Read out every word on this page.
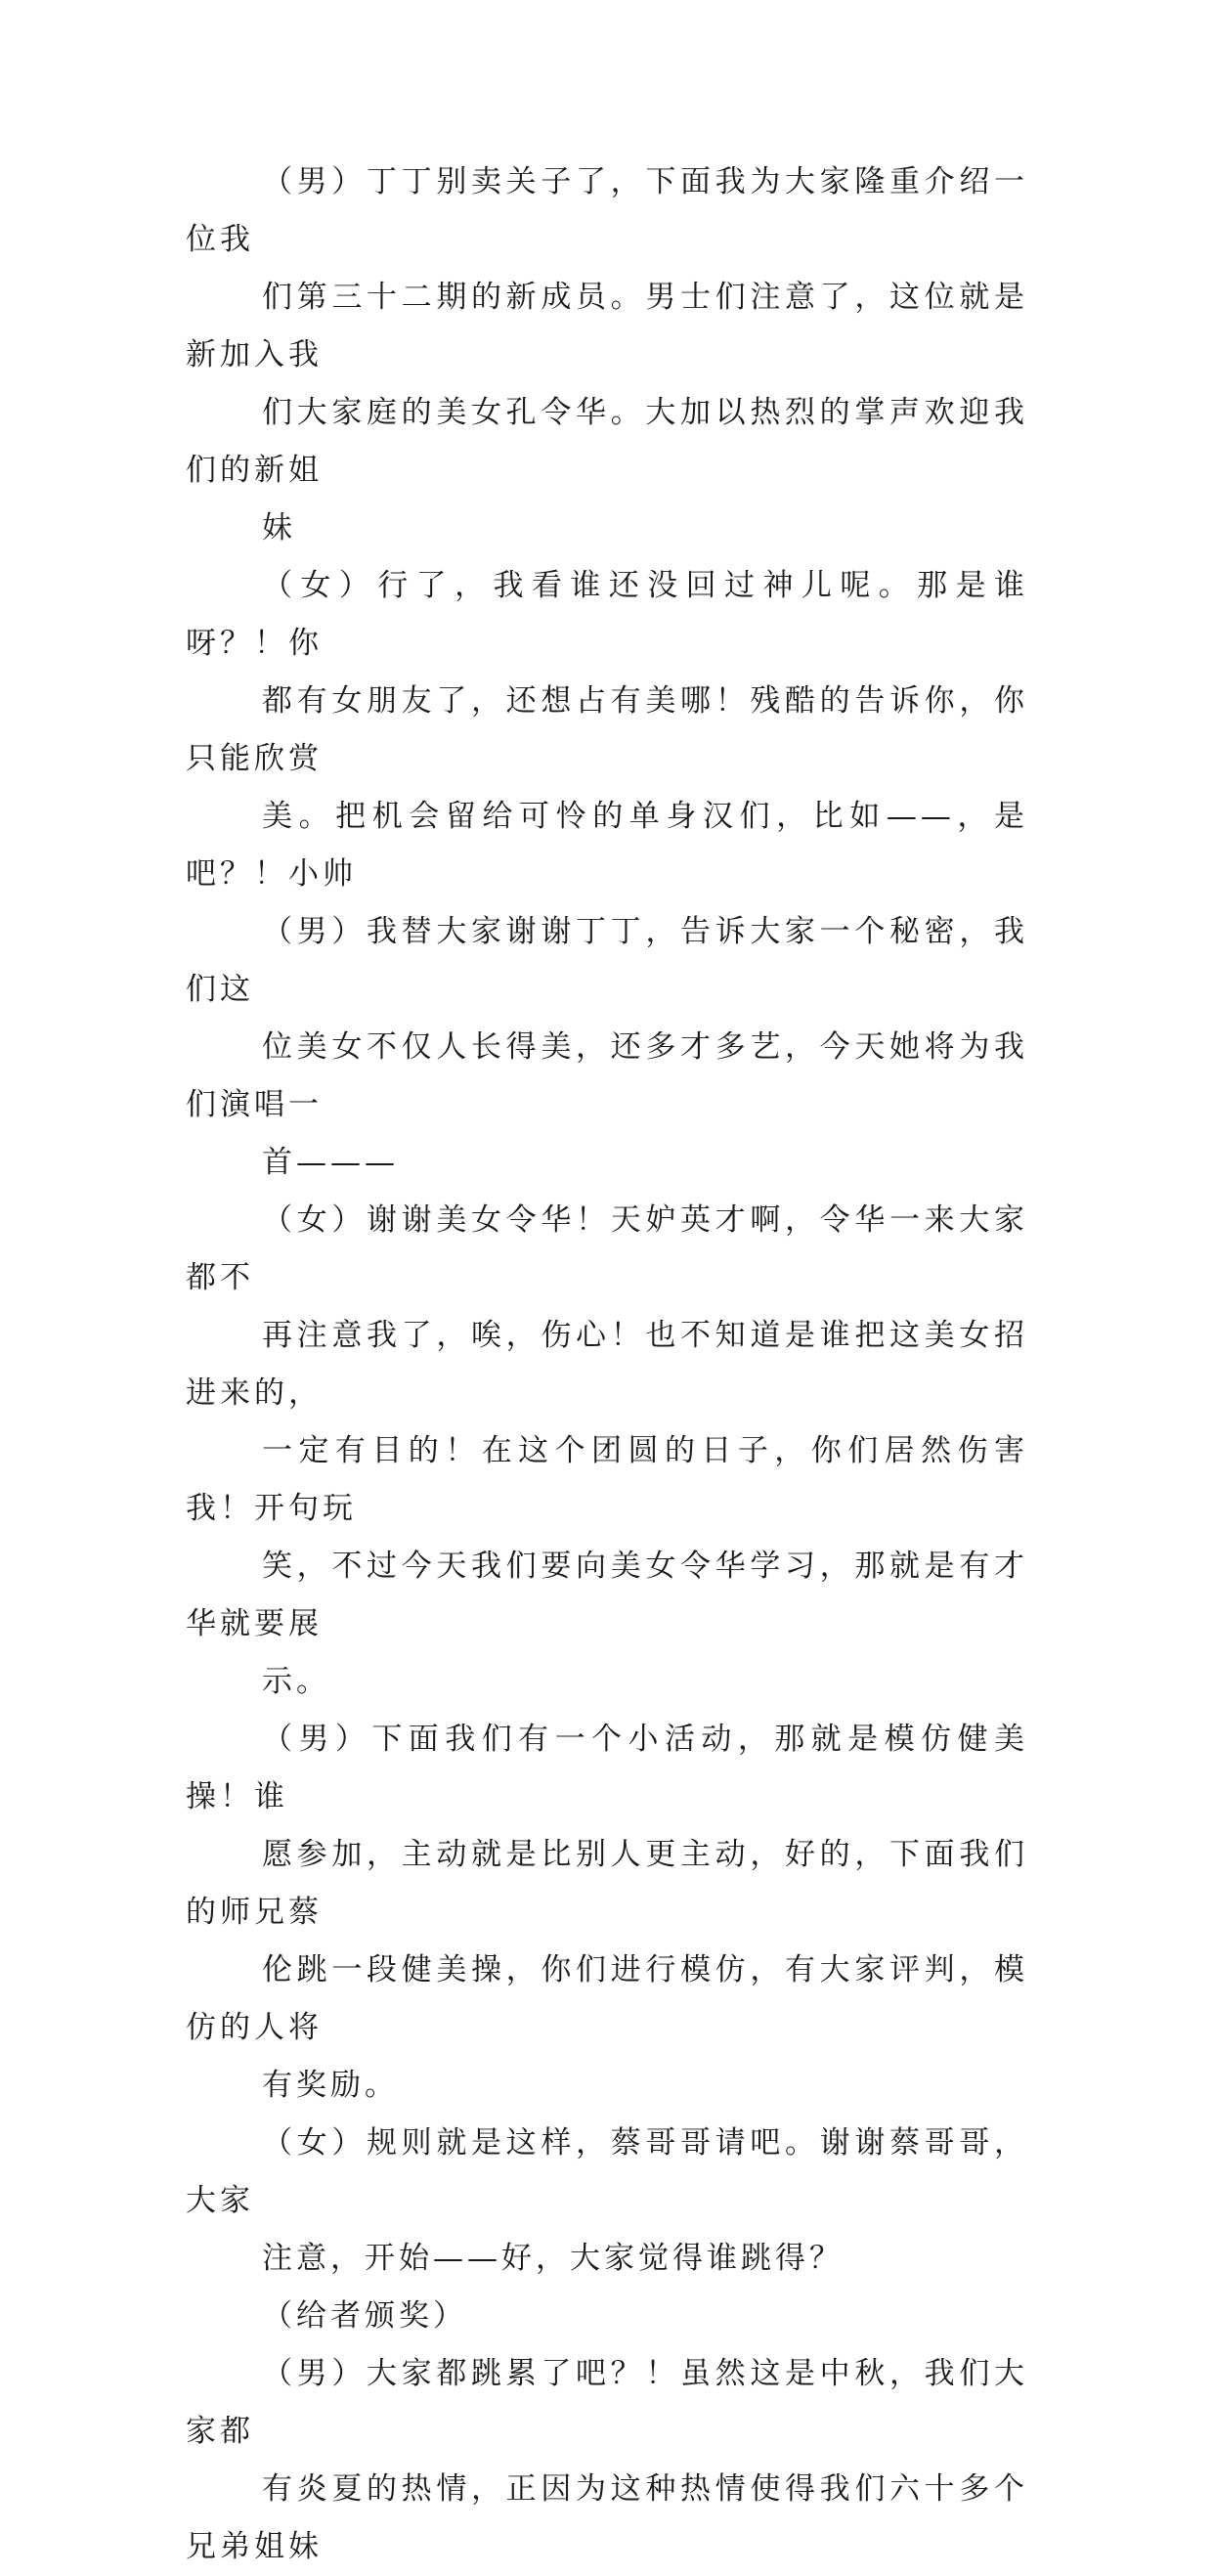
（男）丁丁别卖关子了，下面我为大家隆重介绍一位我
们第三十二期的新成员。男士们注意了，这位就是新加入我
们大家庭的美女孔令华。大加以热烈的掌声欢迎我们的新姐
妹

（女）行了，我看谁还没回过神儿呢。那是谁呀？！你
都有女朋友了，还想占有美哪！残酷的告诉你，你只能欣赏
美。把机会留给可怜的单身汉们，比如——，是吧？！小帅

（男）我替大家谢谢丁丁，告诉大家一个秘密，我们这
位美女不仅人长得美，还多才多艺，今天她将为我们演唱一
首———

（女）谢谢美女令华！天妒英才啊，令华一来大家都不
再注意我了，唉，伤心！也不知道是谁把这美女招进来的，
一定有目的！在这个团圆的日子，你们居然伤害我！开句玩
笑，不过今天我们要向美女令华学习，那就是有才华就要展
示。

（男）下面我们有一个小活动，那就是模仿健美操！谁
愿参加，主动就是比别人更主动，好的，下面我们的师兄蔡
伦跳一段健美操，你们进行模仿，有大家评判，模仿的人将
有奖励。

（女）规则就是这样，蔡哥哥请吧。谢谢蔡哥哥，大家
注意，开始——好，大家觉得谁跳得？

（给者颁奖）

（男）大家都跳累了吧？！虽然这是中秋，我们大家都
有炎夏的热情，正因为这种热情使得我们六十多个兄弟姐妹
